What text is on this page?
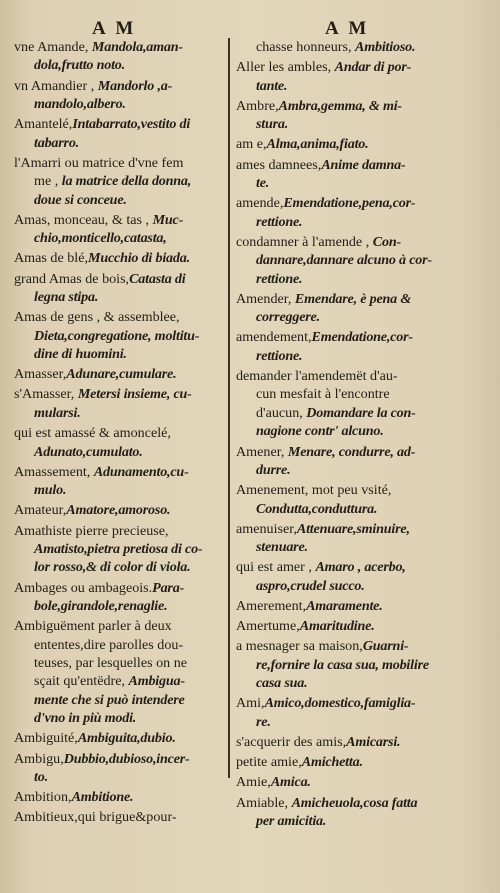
A M	A M
vne Amande, Mandola,aman-
dola,frutto noto.
vn Amandier , Mandorlo ,a-
mandolo,albero.
Amantelé,Intabarrato,vestito di
tabarro.
l'Amarri ou matrice d'vne fem
me , la matrice della donna,
doue si conceue.
Amas, monceau, & tas , Muc-
chio,monticello,catasta,
Amas de blé,Mucchio di biada.
grand Amas de bois,Catasta di
legna stipa.
Amas de gens , & assemblee,
Dieta,congregatione, moltitu-
dine di huomini.
Amasser,Adunare,cumulare.
s'Amasser, Metersi insieme, cu-
mularsi.
qui est amassé & amoncelé,
Adunato,cumulato.
Amassement, Adunamento,cu-
mulo.
Amateur,Amatore,amoroso.
Amathiste pierre precieuse,
Amatisto,pietra pretiosa di co-
lor rosso,& di color di viola.
Ambages ou ambageois.Para-
bole,girandole,renaglie.
Ambiguëment parler à deux
ententes,dire parolles dou-
teuses, par lesquelles on ne
sçait qu'entëdre, Ambigua-
mente che si può intendere
d'vno in più modi.
Ambiguité,Ambiguita,dubio.
Ambigu,Dubbio,dubioso,incer-
to.
Ambition,Ambitione.
Ambitieux,qui brigue&pour-
chasse honneurs, Ambitioso.
Aller les ambles, Andar di por-
tante.
Ambre,Ambra,gemma, & mi-
stura.
am e,Alma,anima,fiato.
ames damnees,Anime damna-
te.
amende,Emendatione,pena,cor-
rettione.
condamner à l'amende , Con-
dannare,dannare alcuno à cor-
rettione.
Amender, Emendare, è pena &
correggere.
amendement,Emendatione,cor-
rettione.
demander l'amendemët d'au-
cun mesfait à l'encontre
d'aucun, Domandare la con-
nagione contr' alcuno.
Amener, Menare, condurre, ad-
durre.
Amenement, mot peu vsité,
Condutta,conduttura.
amenuiser,Attenuare,sminuire,
stenuare.
qui est amer , Amaro , acerbo,
aspro,crudel succo.
Amerement,Amaramente.
Amertume,Amaritudine.
a mesnager sa maison,Guarni-
re,fornire la casa sua, mobilire
casa sua.
Ami,Amico,domestico,famiglia-
re.
s'acquerir des amis,Amicarsi.
petite amie,Amichetta.
Amie,Amica.
Amiable, Amicheuola,cosa fatta
per amicitia.
